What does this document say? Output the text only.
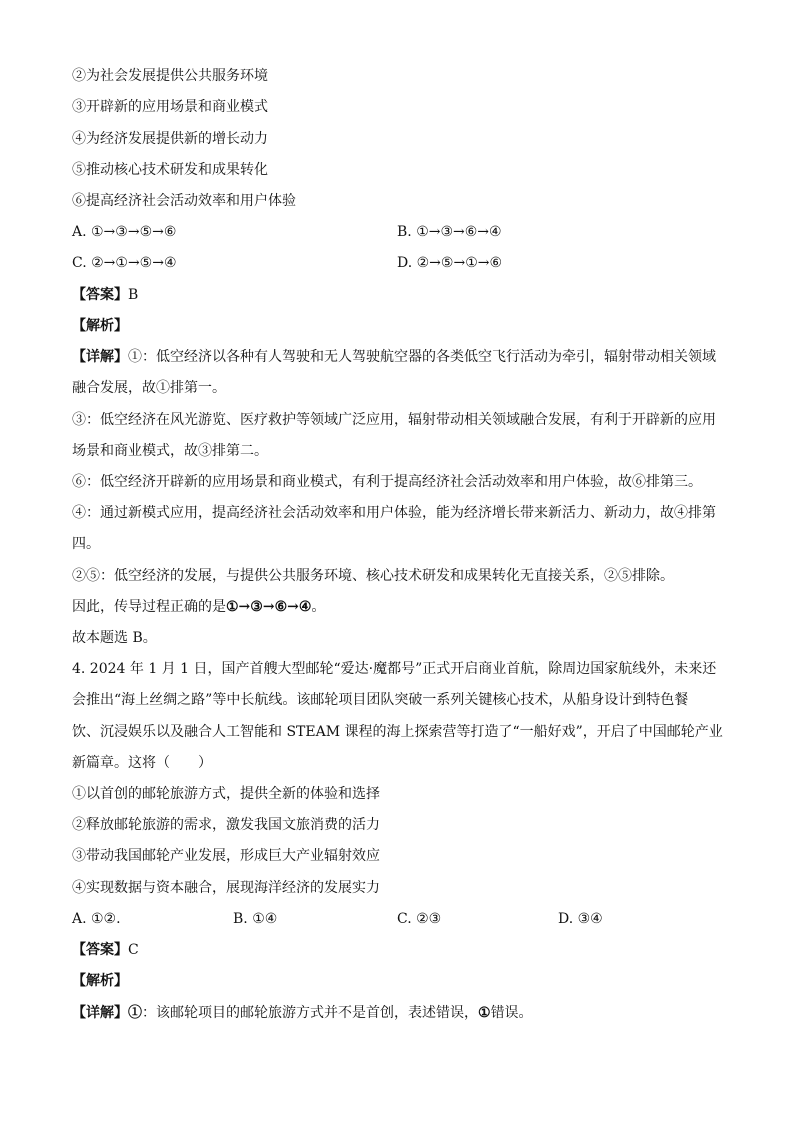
②为社会发展提供公共服务环境
③开辟新的应用场景和商业模式
④为经济发展提供新的增长动力
⑤推动核心技术研发和成果转化
⑥提高经济社会活动效率和用户体验
A. ①→③→⑤→⑥	B. ①→③→⑥→④
C. ②→①→⑤→④	D. ②→⑤→①→⑥
【答案】B
【解析】
【详解】①：低空经济以各种有人驾驶和无人驾驶航空器的各类低空飞行活动为牵引，辐射带动相关领域
融合发展，故①排第一。
③：低空经济在风光游览、医疗救护等领域广泛应用，辐射带动相关领域融合发展，有利于开辟新的应用
场景和商业模式，故③排第二。
⑥：低空经济开辟新的应用场景和商业模式，有利于提高经济社会活动效率和用户体验，故⑥排第三。
④：通过新模式应用，提高经济社会活动效率和用户体验，能为经济增长带来新活力、新动力，故④排第
四。
②⑤：低空经济的发展，与提供公共服务环境、核心技术研发和成果转化无直接关系，②⑤排除。
因此，传导过程正确的是①→③→⑥→④。
故本题选 B。
4. 2024 年 1 月 1 日，国产首艘大型邮轮“爱达·魔都号”正式开启商业首航，除周边国家航线外，未来还
会推出“海上丝绸之路”等中长航线。该邮轮项目团队突破一系列关键核心技术，从船身设计到特色餐
饮、沉浸娱乐以及融合人工智能和 STEAM 课程的海上探索营等打造了“一船好戏”，开启了中国邮轮产业
新篇章。这将（　　）
①以首创的邮轮旅游方式，提供全新的体验和选择
②释放邮轮旅游的需求，激发我国文旅消费的活力
③带动我国邮轮产业发展，形成巨大产业辐射效应
④实现数据与资本融合，展现海洋经济的发展实力
A. ①②.	B. ①④	C. ②③	D. ③④
【答案】C
【解析】
【详解】①：该邮轮项目的邮轮旅游方式并不是首创，表述错误，①错误。
